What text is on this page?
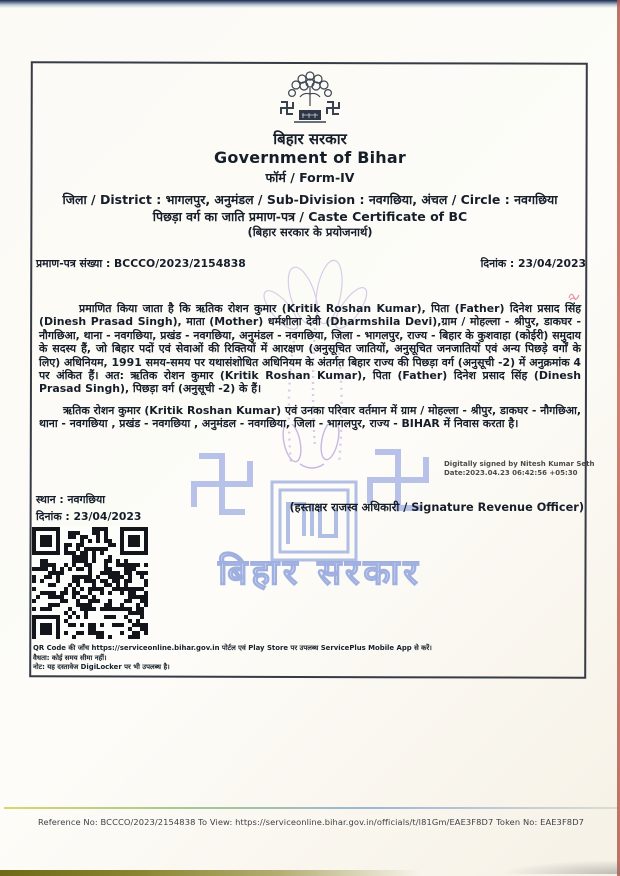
बिहार सरकार
बिहार सरकार
Government of Bihar
फॉर्म / Form-IV
जिला / District : भागलपुर, अनुमंडल / Sub-Division : नवगछिया, अंचल / Circle : नवगछिया
पिछड़ा वर्ग का जाति प्रमाण-पत्र / Caste Certificate of BC
(बिहार सरकार के प्रयोजनार्थ)
प्रमाण-पत्र संख्या : BCCCO/2023/2154838	दिनांक : 23/04/2023
प्रमाणित किया जाता है कि ऋतिक रोशन कुमार (Kritik Roshan Kumar), पिता (Father) दिनेश प्रसाद सिंह (Dinesh Prasad Singh), माता (Mother) धर्मशीला देवी (Dharmshila Devi),ग्राम / मोहल्ला - श्रीपुर, डाकघर - नौगछिआ, थाना - नवगछिया, प्रखंड - नवगछिया, अनुमंडल - नवगछिया, जिला - भागलपुर, राज्य - बिहार के कुशवाहा (कोईरी) समुदाय के सदस्य हैं, जो बिहार पदों एवं सेवाओं की रिक्तियों में आरक्षण (अनुसूचित जातियों, अनुसूचित जनजातियों एवं अन्य पिछड़े वर्गों के लिए) अधिनियम, 1991 समय-समय पर यथासंशोधित अधिनियम के अंतर्गत बिहार राज्य की पिछड़ा वर्ग (अनुसूची -2) में अनुक्रमांक 4 पर अंकित हैं। अत: ऋतिक रोशन कुमार (Kritik Roshan Kumar), पिता (Father) दिनेश प्रसाद सिंह (Dinesh Prasad Singh), पिछड़ा वर्ग (अनुसूची -2) के हैं।
ऋतिक रोशन कुमार (Kritik Roshan Kumar) एवं उनका परिवार वर्तमान में ग्राम / मोहल्ला - श्रीपुर, डाकघर - नौगछिआ, थाना - नवगछिया , प्रखंड - नवगछिया , अनुमंडल - नवगछिया, जिला - भागलपुर, राज्य - BIHAR में निवास करता है।
Digitally signed by Nitesh Kumar Seth
Date:2023.04.23 06:42:56 +05:30
(हस्ताक्षर राजस्व अधिकारी / Signature Revenue Officer)
स्थान : नवगछिया
दिनांक : 23/04/2023
QR Code की जाँच https://serviceonline.bihar.gov.in पोर्टल एवं Play Store पर उपलब्ध ServicePlus Mobile App से करें।
वैधता: कोई समय सीमा नहीं।
नोट: यह दस्तावेज DigiLocker पर भी उपलब्ध है।
Reference No: BCCCO/2023/2154838 To View: https://serviceonline.bihar.gov.in/officials/t/l81Gm/EAE3F8D7 Token No: EAE3F8D7
